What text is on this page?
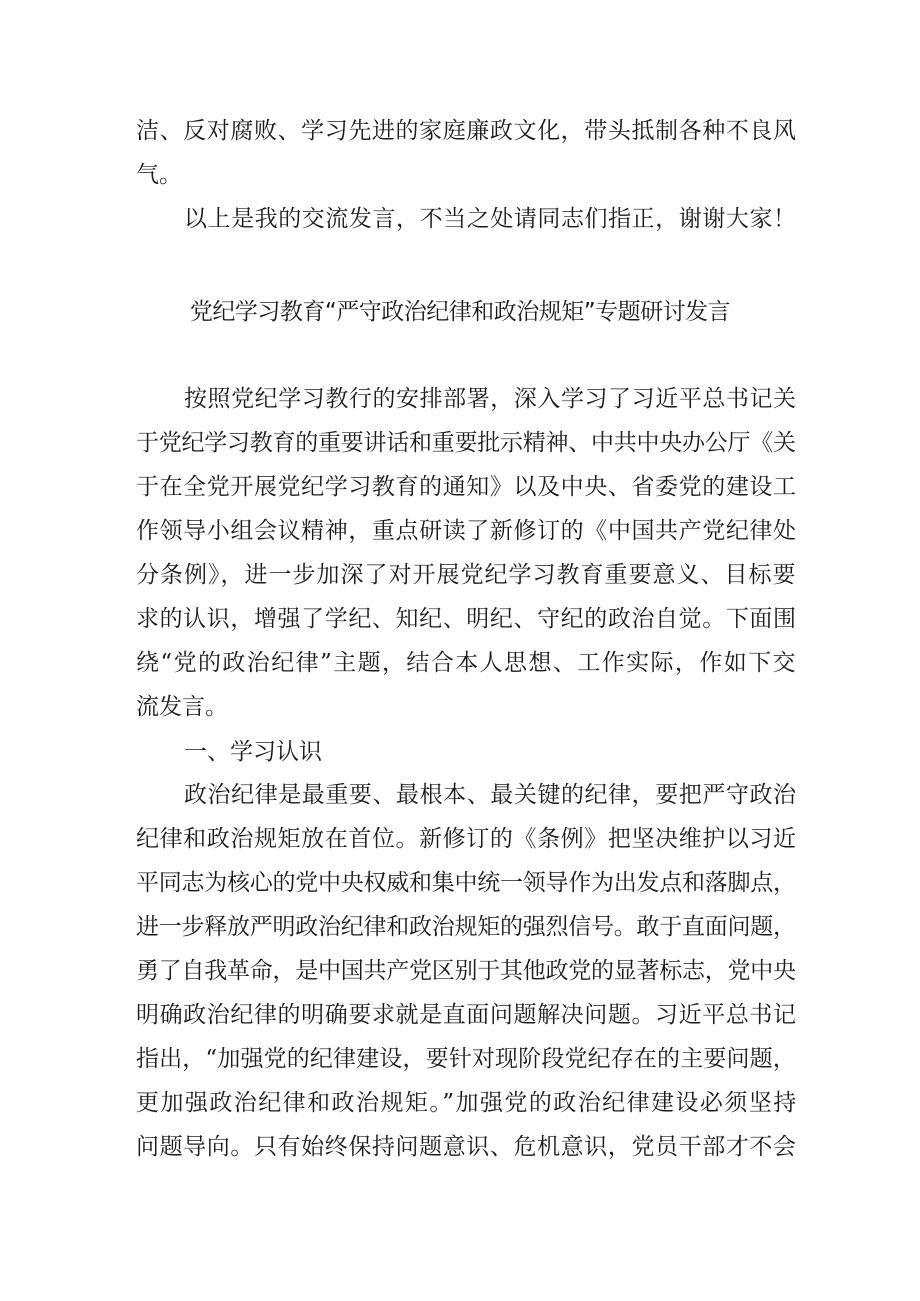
洁、反对腐败、学习先进的家庭廉政文化，带头抵制各种不良风
气。
以上是我的交流发言，不当之处请同志们指正，谢谢大家！
党纪学习教育“严守政治纪律和政治规矩”专题研讨发言
按照党纪学习教行的安排部署，深入学习了习近平总书记关
于党纪学习教育的重要讲话和重要批示精神、中共中央办公厅《关
于在全党开展党纪学习教育的通知》以及中央、省委党的建设工
作领导小组会议精神，重点研读了新修订的《中国共产党纪律处
分条例》，进一步加深了对开展党纪学习教育重要意义、目标要
求的认识，增强了学纪、知纪、明纪、守纪的政治自觉。下面围
绕“党的政治纪律”主题，结合本人思想、工作实际，作如下交
流发言。
一、学习认识
政治纪律是最重要、最根本、最关键的纪律，要把严守政治
纪律和政治规矩放在首位。新修订的《条例》把坚决维护以习近
平同志为核心的党中央权威和集中统一领导作为出发点和落脚点，
进一步释放严明政治纪律和政治规矩的强烈信号。敢于直面问题，
勇了自我革命，是中国共产党区别于其他政党的显著标志，党中央
明确政治纪律的明确要求就是直面问题解决问题。习近平总书记
指出，“加强党的纪律建设，要针对现阶段党纪存在的主要问题，
更加强政治纪律和政治规矩。”加强党的政治纪律建设必须坚持
问题导向。只有始终保持问题意识、危机意识，党员干部才不会
